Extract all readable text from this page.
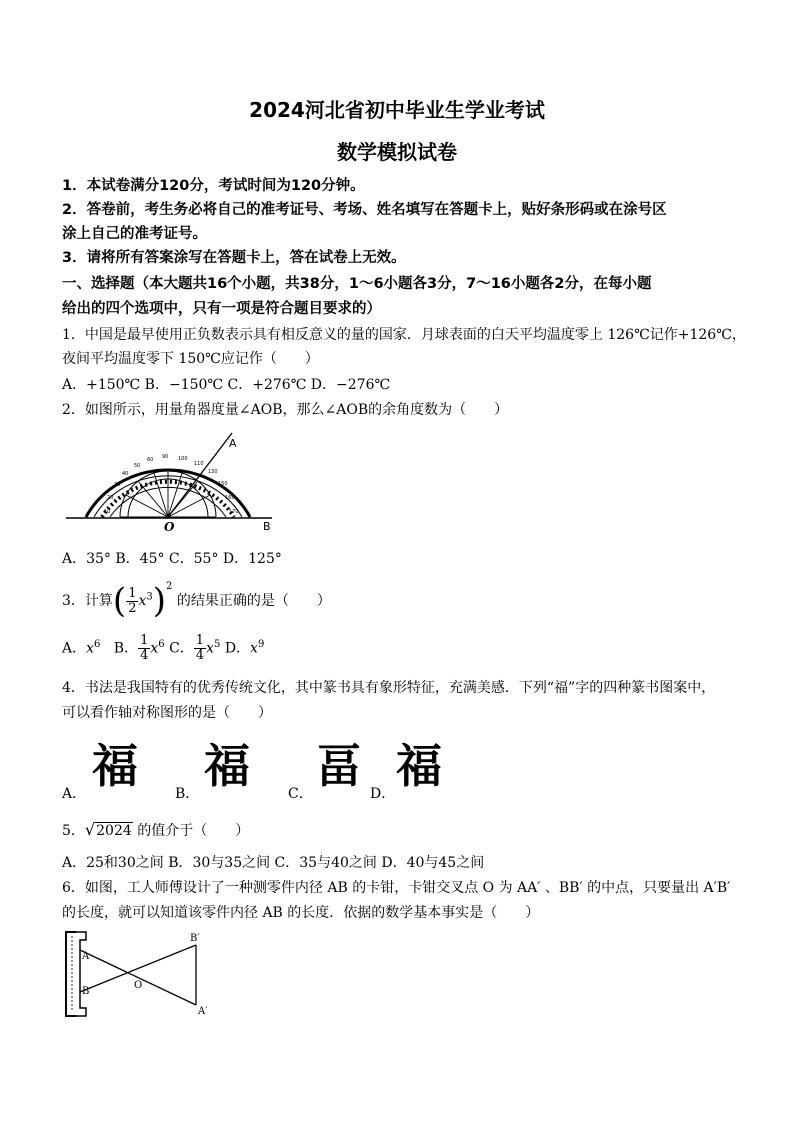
2024河北省初中毕业生学业考试
数学模拟试卷
1．本试卷满分120分，考试时间为120分钟。
2．答卷前，考生务必将自己的准考证号、考场、姓名填写在答题卡上，贴好条形码或在涂号区
涂上自己的准考证号。
3．请将所有答案涂写在答题卡上，答在试卷上无效。
一、选择题（本大题共16个小题，共38分，1～6小题各3分，7～16小题各2分，在每小题
给出的四个选项中，只有一项是符合题目要求的）
1．中国是最早使用正负数表示具有相反意义的量的国家．月球表面的白天平均温度零上 126℃记作+126℃，
夜间平均温度零下 150℃应记作（　　）
A．+150℃ B．−150℃ C．+276℃ D．−276℃
2．如图所示，用量角器度量∠AOB，那么∠AOB的余角度数为（　　）
10
20
30
40
50
60 90 100
110
130
150
160
170
A
B
O
A．35° B．45° C．55° D．125°
3．计算( $\frac{1}{2} x^3)^2$ 的结果正确的是（　　）
A．$x^6$ B． $\frac{1}{4} x^6$ C． $\frac{1}{4} x^5$ D．$x^9$
4．书法是我国特有的优秀传统文化，其中篆书具有象形特征，充满美感．下列“福”字的四种篆书图案中，
可以看作轴对称图形的是（　　）
A．
福
B．
福
C．
畐
D．
福
5．√2024 的值介于（　　）
A．25和30之间 B．30与35之间 C．35与40之间 D．40与45之间
6．如图，工人师傅设计了一种测零件内径 AB 的卡钳，卡钳交叉点 O 为 AA′ 、BB′ 的中点，只要量出 A′B′
的长度，就可以知道该零件内径 AB 的长度．依据的数学基本事实是（　　）
A
B
O
B′
A′
